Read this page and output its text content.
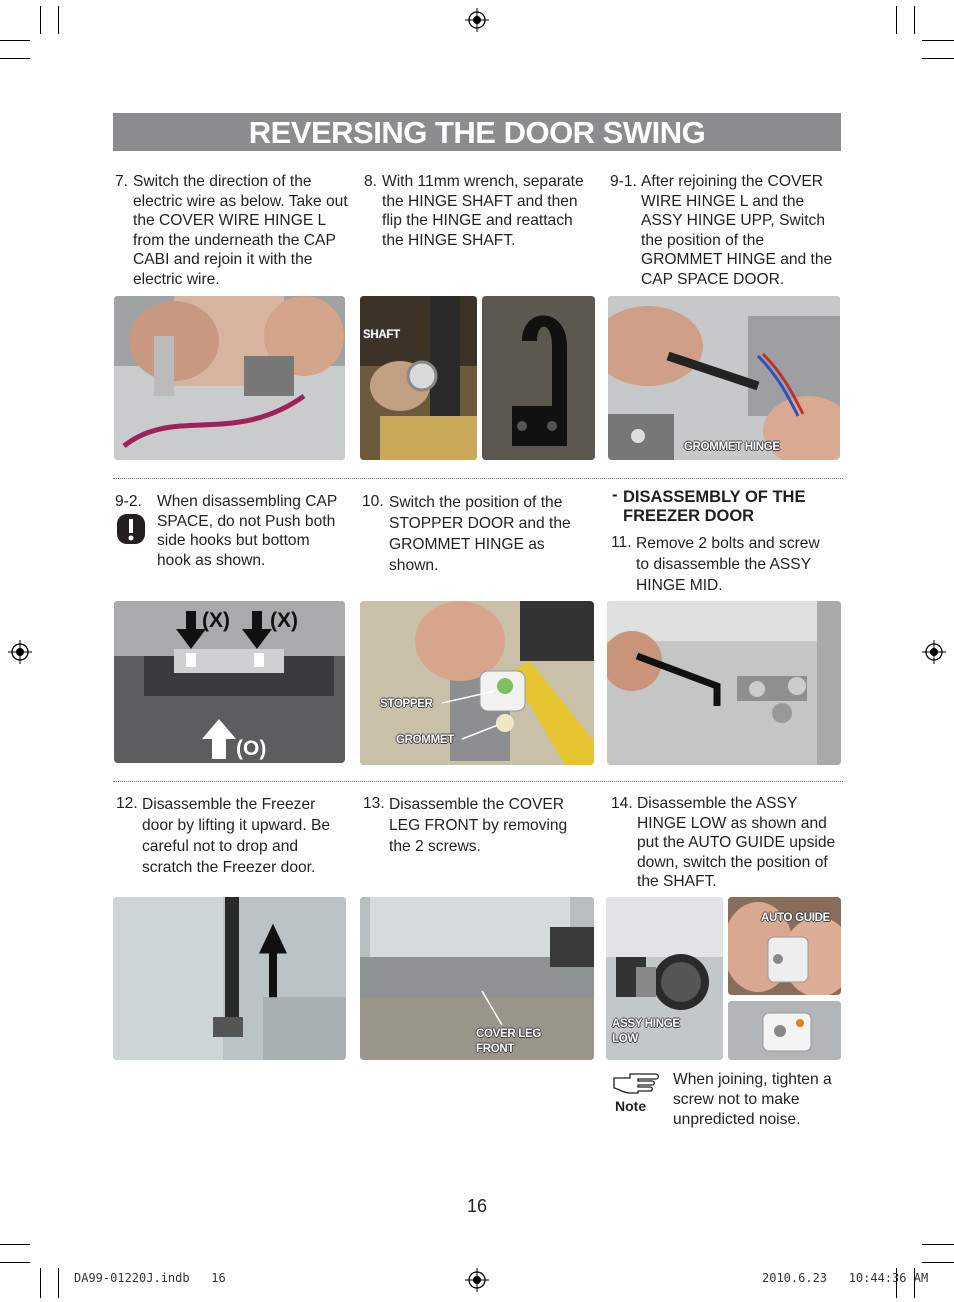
REVERSING THE DOOR SWING
7. Switch the direction of the electric wire as below. Take out the COVER WIRE HINGE L from the underneath the CAP CABI and rejoin it with the electric wire.
8. With 11mm wrench, separate the HINGE SHAFT and then flip the HINGE and reattach the HINGE SHAFT.
9-1. After rejoining the COVER WIRE HINGE L and the ASSY HINGE UPP, Switch the position of the GROMMET HINGE and the CAP SPACE DOOR.
SHAFT
GROMMET HINGE
9-2. When disassembling CAP SPACE, do not Push both side hooks but bottom hook as shown.
10. Switch the position of the STOPPER DOOR and the GROMMET HINGE as shown.
- DISASSEMBLY OF THE
FREEZER DOOR
11. Remove 2 bolts and screw to disassemble the ASSY HINGE MID.
(X) (X)
(O)
STOPPER
GROMMET
12. Disassemble the Freezer door by lifting it upward. Be careful not to drop and scratch the Freezer door.
13. Disassemble the COVER LEG FRONT by removing the 2 screws.
14. Disassemble the ASSY HINGE LOW as shown and put the AUTO GUIDE upside down, switch the position of the SHAFT.
COVER LEG
FRONT
ASSY HINGE
LOW
AUTO GUIDE
Note
When joining, tighten a screw not to make unpredicted noise.
16
DA99-01220J.indb   16	2010.6.23   10:44:36 AM
